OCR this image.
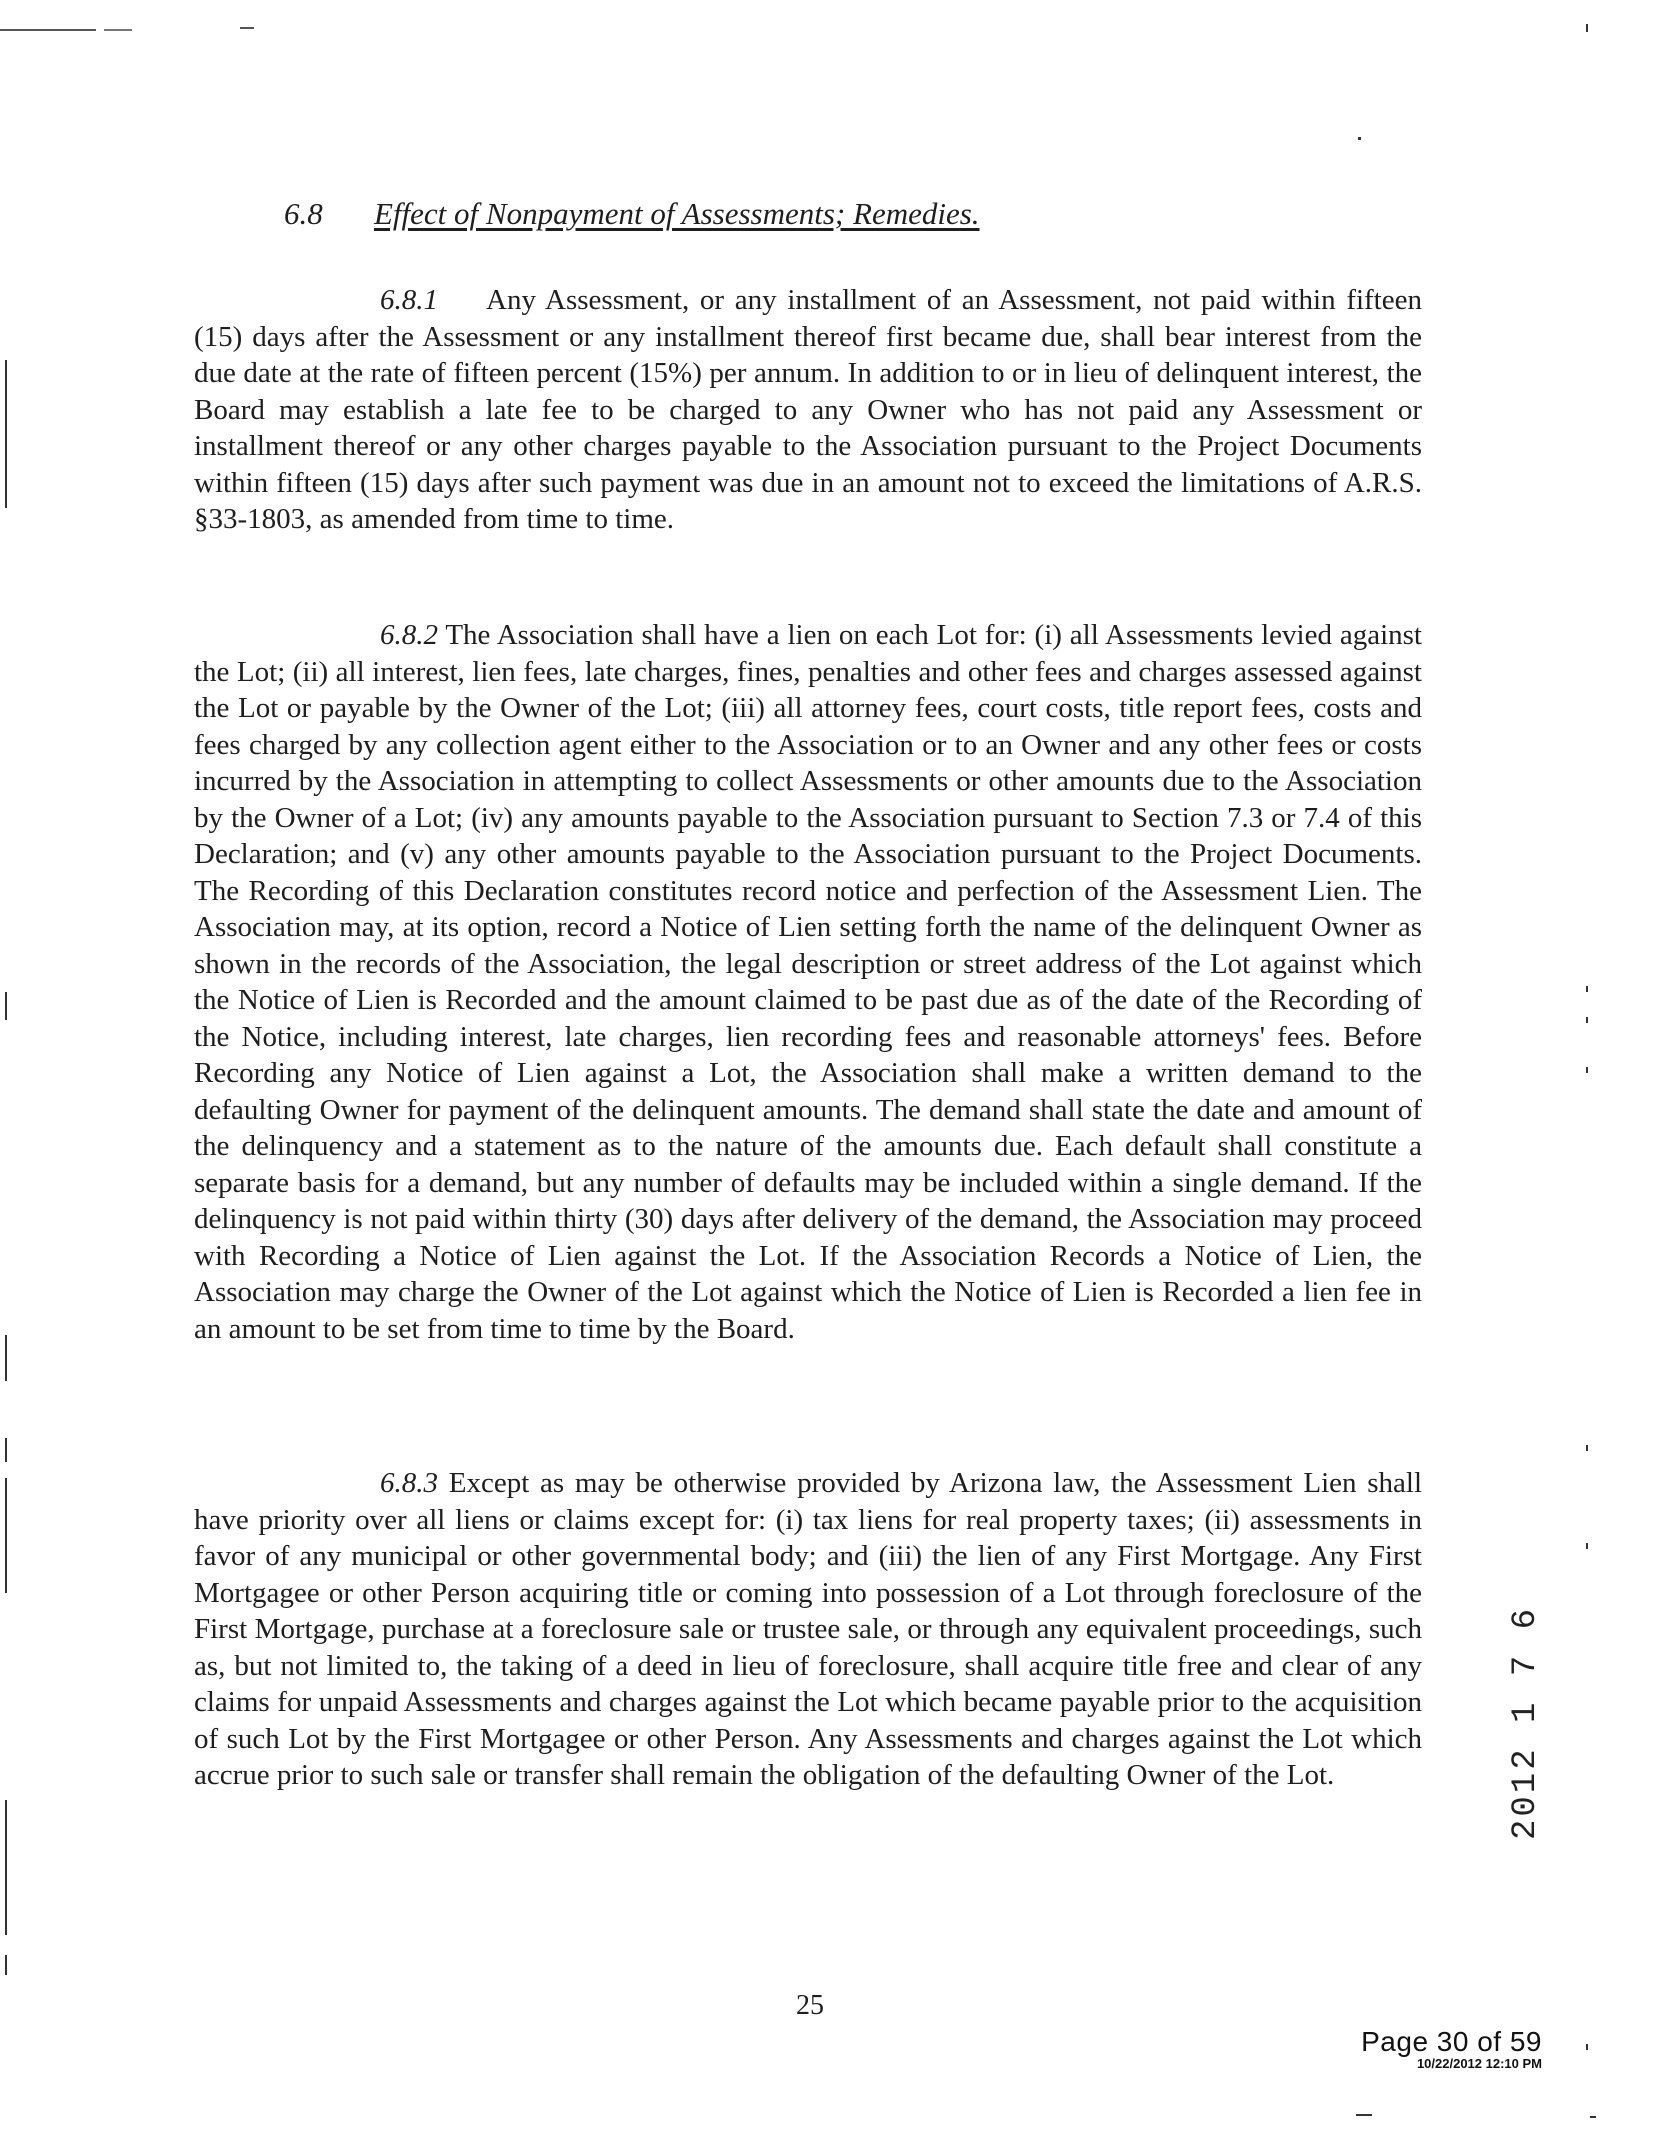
6.8 Effect of Nonpayment of Assessments; Remedies.
6.8.1 Any Assessment, or any installment of an Assessment, not paid within fifteen (15) days after the Assessment or any installment thereof first became due, shall bear interest from the due date at the rate of fifteen percent (15%) per annum. In addition to or in lieu of delinquent interest, the Board may establish a late fee to be charged to any Owner who has not paid any Assessment or installment thereof or any other charges payable to the Association pursuant to the Project Documents within fifteen (15) days after such payment was due in an amount not to exceed the limitations of A.R.S. §33-1803, as amended from time to time.
6.8.2 The Association shall have a lien on each Lot for: (i) all Assessments levied against the Lot; (ii) all interest, lien fees, late charges, fines, penalties and other fees and charges assessed against the Lot or payable by the Owner of the Lot; (iii) all attorney fees, court costs, title report fees, costs and fees charged by any collection agent either to the Association or to an Owner and any other fees or costs incurred by the Association in attempting to collect Assessments or other amounts due to the Association by the Owner of a Lot; (iv) any amounts payable to the Association pursuant to Section 7.3 or 7.4 of this Declaration; and (v) any other amounts payable to the Association pursuant to the Project Documents. The Recording of this Declaration constitutes record notice and perfection of the Assessment Lien. The Association may, at its option, record a Notice of Lien setting forth the name of the delinquent Owner as shown in the records of the Association, the legal description or street address of the Lot against which the Notice of Lien is Recorded and the amount claimed to be past due as of the date of the Recording of the Notice, including interest, late charges, lien recording fees and reasonable attorneys' fees. Before Recording any Notice of Lien against a Lot, the Association shall make a written demand to the defaulting Owner for payment of the delinquent amounts. The demand shall state the date and amount of the delinquency and a statement as to the nature of the amounts due. Each default shall constitute a separate basis for a demand, but any number of defaults may be included within a single demand. If the delinquency is not paid within thirty (30) days after delivery of the demand, the Association may proceed with Recording a Notice of Lien against the Lot. If the Association Records a Notice of Lien, the Association may charge the Owner of the Lot against which the Notice of Lien is Recorded a lien fee in an amount to be set from time to time by the Board.
6.8.3 Except as may be otherwise provided by Arizona law, the Assessment Lien shall have priority over all liens or claims except for: (i) tax liens for real property taxes; (ii) assessments in favor of any municipal or other governmental body; and (iii) the lien of any First Mortgage. Any First Mortgagee or other Person acquiring title or coming into possession of a Lot through foreclosure of the First Mortgage, purchase at a foreclosure sale or trustee sale, or through any equivalent proceedings, such as, but not limited to, the taking of a deed in lieu of foreclosure, shall acquire title free and clear of any claims for unpaid Assessments and charges against the Lot which became payable prior to the acquisition of such Lot by the First Mortgagee or other Person. Any Assessments and charges against the Lot which accrue prior to such sale or transfer shall remain the obligation of the defaulting Owner of the Lot.	2012 1 7 6
25
Page 30 of 59
10/22/2012 12:10 PM
